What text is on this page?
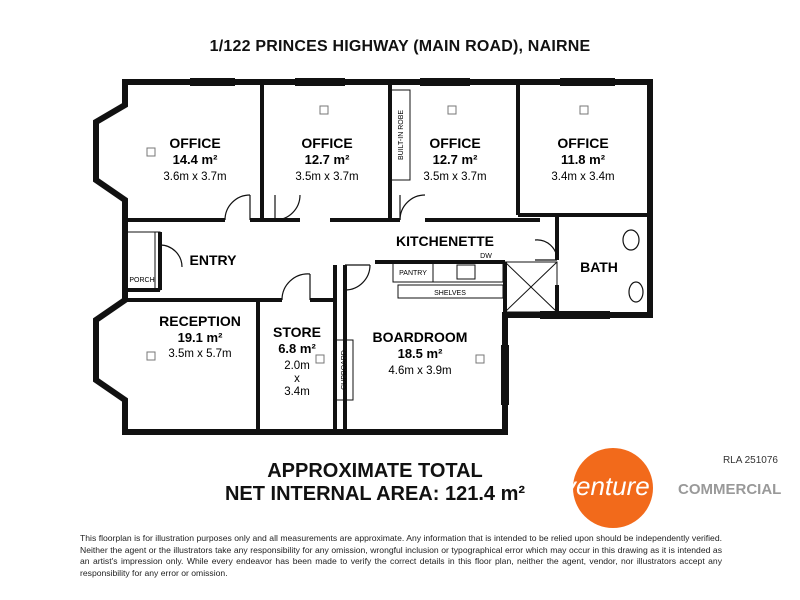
1/122 PRINCES HIGHWAY (MAIN ROAD), NAIRNE
OFFICE
14.4 m²
3.6m x 3.7m
OFFICE
12.7 m²
3.5m x 3.7m
OFFICE
12.7 m²
3.5m x 3.7m
OFFICE
11.8 m²
3.4m x 3.4m
RECEPTION
19.1 m²
3.5m x 5.7m
STORE
6.8 m²
2.0m
x
3.4m
BOARDROOM
18.5 m²
4.6m x 3.9m
ENTRY
KITCHENETTE
BATH
PORCH
PANTRY
DW
SHELVES
CUPBOARD
BUILT-IN ROBE
APPROXIMATE TOTAL
NET INTERNAL AREA: 121.4 m²
RLA 251076
venture COMMERCIAL
This floorplan is for illustration purposes only and all measurements are approximate. Any information that is intended to be relied upon should be independently verified. Neither the agent or the illustrators take any responsibility for any omission, wrongful inclusion or typographical error which may occur in this drawing as it is intended as an artist's impression only. While every endeavor has been made to verify the correct details in this floor plan, neither the agent, vendor, nor illustrators accept any responsibility for any error or omission.
